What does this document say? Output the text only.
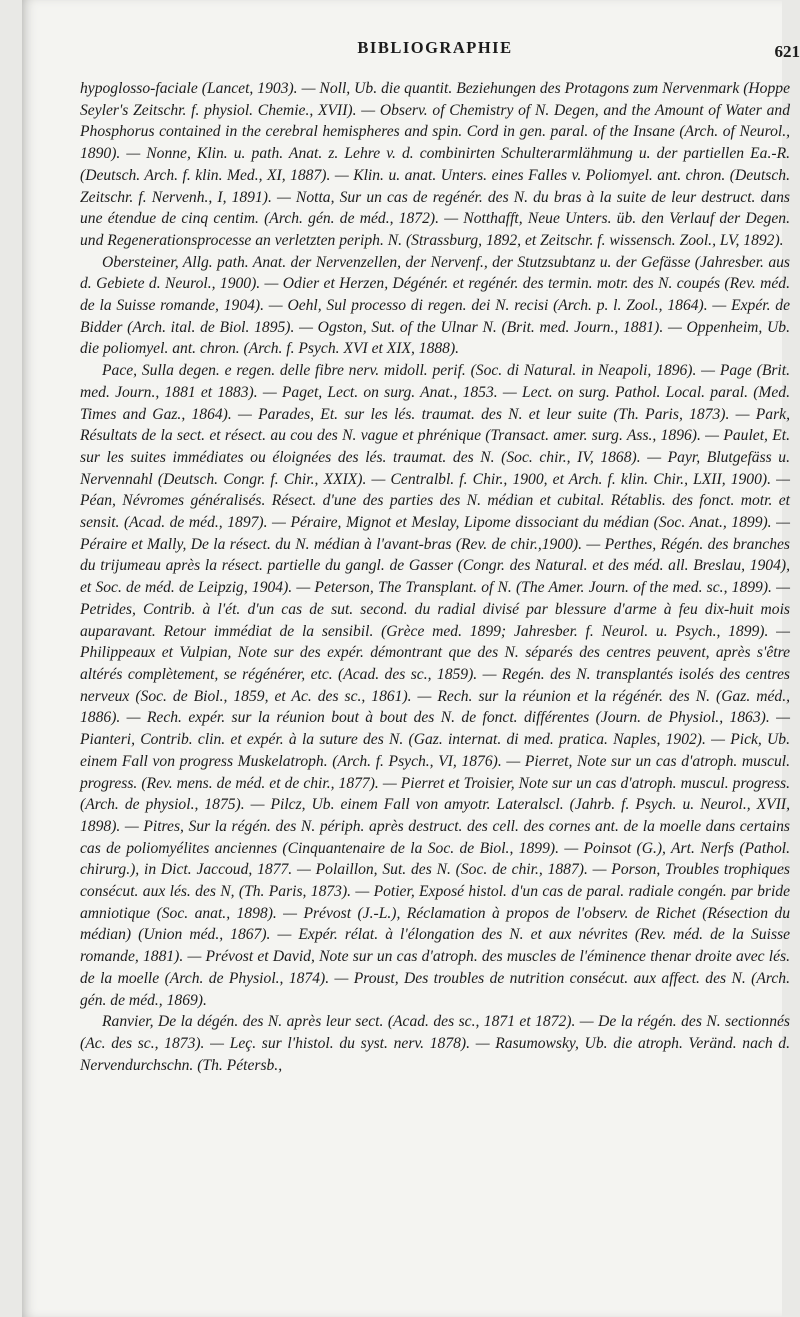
BIBLIOGRAPHIE	621

hypoglosso-faciale (Lancet, 1903). — Noll, Ub. die quantit. Beziehungen des Protagons zum Nervenmark (Hoppe Seyler's Zeitschr. f. physiol. Chemie., XVII). — Observ. of Chemistry of N. Degen, and the Amount of Water and Phosphorus contained in the cerebral hemispheres and spin. Cord in gen. paral. of the Insane (Arch. of Neurol., 1890). — Nonne, Klin. u. path. Anat. z. Lehre v. d. combinirten Schulterarmlähmung u. der partiellen Ea.-R. (Deutsch. Arch. f. klin. Med., XI, 1887). — Klin. u. anat. Unters. eines Falles v. Poliomyel. ant. chron. (Deutsch. Zeitschr. f. Nervenh., I, 1891). — Notta, Sur un cas de regénér. des N. du bras à la suite de leur destruct. dans une étendue de cinq centim. (Arch. gén. de méd., 1872). — Notthafft, Neue Unters. üb. den Verlauf der Degen. und Regenerationsprocesse an verletzten periph. N. (Strassburg, 1892, et Zeitschr. f. wissensch. Zool., LV, 1892).

Obersteiner, Allg. path. Anat. der Nervenzellen, der Nervenf., der Stutzsubtanz u. der Gefässe (Jahresber. aus d. Gebiete d. Neurol., 1900). — Odier et Herzen, Dégénér. et regénér. des termin. motr. des N. coupés (Rev. méd. de la Suisse romande, 1904). — Oehl, Sul processo di regen. dei N. recisi (Arch. p. l. Zool., 1864). — Expér. de Bidder (Arch. ital. de Biol. 1895). — Ogston, Sut. of the Ulnar N. (Brit. med. Journ., 1881). — Oppenheim, Ub. die poliomyel. ant. chron. (Arch. f. Psych. XVI et XIX, 1888).

Pace, Sulla degen. e regen. delle fibre nerv. midoll. perif. (Soc. di Natural. in Neapoli, 1896). — Page (Brit. med. Journ., 1881 et 1883). — Paget, Lect. on surg. Anat., 1853. — Lect. on surg. Pathol. Local. paral. (Med. Times and Gaz., 1864). — Parades, Et. sur les lés. traumat. des N. et leur suite (Th. Paris, 1873). — Park, Résultats de la sect. et résect. au cou des N. vague et phrénique (Transact. amer. surg. Ass., 1896). — Paulet, Et. sur les suites immédiates ou éloignées des lés. traumat. des N. (Soc. chir., IV, 1868). — Payr, Blutgefäss u. Nervennahl (Deutsch. Congr. f. Chir., XXIX). — Centralbl. f. Chir., 1900, et Arch. f. klin. Chir., LXII, 1900). — Péan, Névromes généralisés. Résect. d'une des parties des N. médian et cubital. Rétablis. des fonct. motr. et sensit. (Acad. de méd., 1897). — Péraire, Mignot et Meslay, Lipome dissociant du médian (Soc. Anat., 1899). — Péraire et Mally, De la résect. du N. médian à l'avant-bras (Rev. de chir.,1900). — Perthes, Régén. des branches du trijumeau après la résect. partielle du gangl. de Gasser (Congr. des Natural. et des méd. all. Breslau, 1904), et Soc. de méd. de Leipzig, 1904). — Peterson, The Transplant. of N. (The Amer. Journ. of the med. sc., 1899). — Petrides, Contrib. à l'ét. d'un cas de sut. second. du radial divisé par blessure d'arme à feu dix-huit mois auparavant. Retour immédiat de la sensibil. (Grèce med. 1899; Jahresber. f. Neurol. u. Psych., 1899). — Philippeaux et Vulpian, Note sur des expér. démontrant que des N. séparés des centres peuvent, après s'être altérés complètement, se régénérer, etc. (Acad. des sc., 1859). — Regén. des N. transplantés isolés des centres nerveux (Soc. de Biol., 1859, et Ac. des sc., 1861). — Rech. sur la réunion et la régénér. des N. (Gaz. méd., 1886). — Rech. expér. sur la réunion bout à bout des N. de fonct. différentes (Journ. de Physiol., 1863). — Pianteri, Contrib. clin. et expér. à la suture des N. (Gaz. internat. di med. pratica. Naples, 1902). — Pick, Ub. einem Fall von progress Muskelatroph. (Arch. f. Psych., VI, 1876). — Pierret, Note sur un cas d'atroph. muscul. progress. (Rev. mens. de méd. et de chir., 1877). — Pierret et Troisier, Note sur un cas d'atroph. muscul. progress. (Arch. de physiol., 1875). — Pilcz, Ub. einem Fall von amyotr. Lateralscl. (Jahrb. f. Psych. u. Neurol., XVII, 1898). — Pitres, Sur la régén. des N. périph. après destruct. des cell. des cornes ant. de la moelle dans certains cas de poliomyélites anciennes (Cinquantenaire de la Soc. de Biol., 1899). — Poinsot (G.), Art. Nerfs (Pathol. chirurg.), in Dict. Jaccoud, 1877. — Polaillon, Sut. des N. (Soc. de chir., 1887). — Porson, Troubles trophiques consécut. aux lés. des N, (Th. Paris, 1873). — Potier, Exposé histol. d'un cas de paral. radiale congén. par bride amniotique (Soc. anat., 1898). — Prévost (J.-L.), Réclamation à propos de l'observ. de Richet (Résection du médian) (Union méd., 1867). — Expér. rélat. à l'élongation des N. et aux névrites (Rev. méd. de la Suisse romande, 1881). — Prévost et David, Note sur un cas d'atroph. des muscles de l'éminence thenar droite avec lés. de la moelle (Arch. de Physiol., 1874). — Proust, Des troubles de nutrition consécut. aux affect. des N. (Arch. gén. de méd., 1869).

Ranvier, De la dégén. des N. après leur sect. (Acad. des sc., 1871 et 1872). — De la régén. des N. sectionnés (Ac. des sc., 1873). — Leç. sur l'histol. du syst. nerv. 1878). — Rasumowsky, Ub. die atroph. Veränd. nach d. Nervendurchschn. (Th. Pétersb.,
